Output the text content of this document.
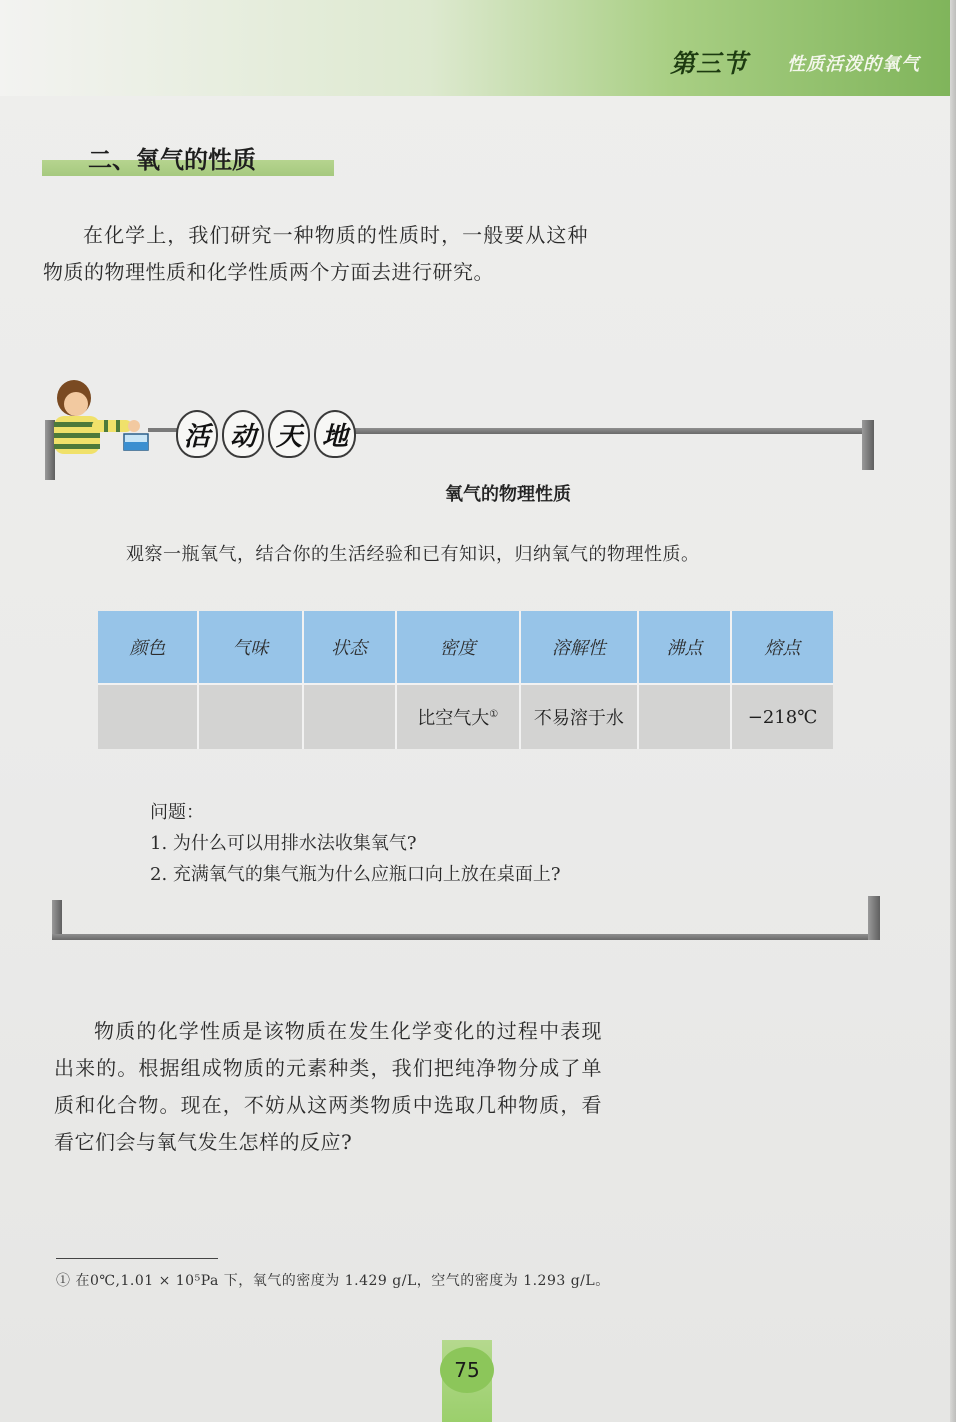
第三节 性质活泼的氧气
二、氧气的性质
在化学上，我们研究一种物质的性质时，一般要从这种物质的物理性质和化学性质两个方面去进行研究。
活 动 天 地
氧气的物理性质
观察一瓶氧气，结合你的生活经验和已有知识，归纳氧气的物理性质。
颜色	气味	状态	密度	溶解性	沸点	熔点
			比空气大①	不易溶于水		−218℃
问题：
1. 为什么可以用排水法收集氧气?
2. 充满氧气的集气瓶为什么应瓶口向上放在桌面上?
物质的化学性质是该物质在发生化学变化的过程中表现出来的。根据组成物质的元素种类，我们把纯净物分成了单质和化合物。现在，不妨从这两类物质中选取几种物质，看看它们会与氧气发生怎样的反应?
① 在0℃,1.01 × 10⁵Pa 下，氧气的密度为 1.429 g/L，空气的密度为 1.293 g/L。
75
